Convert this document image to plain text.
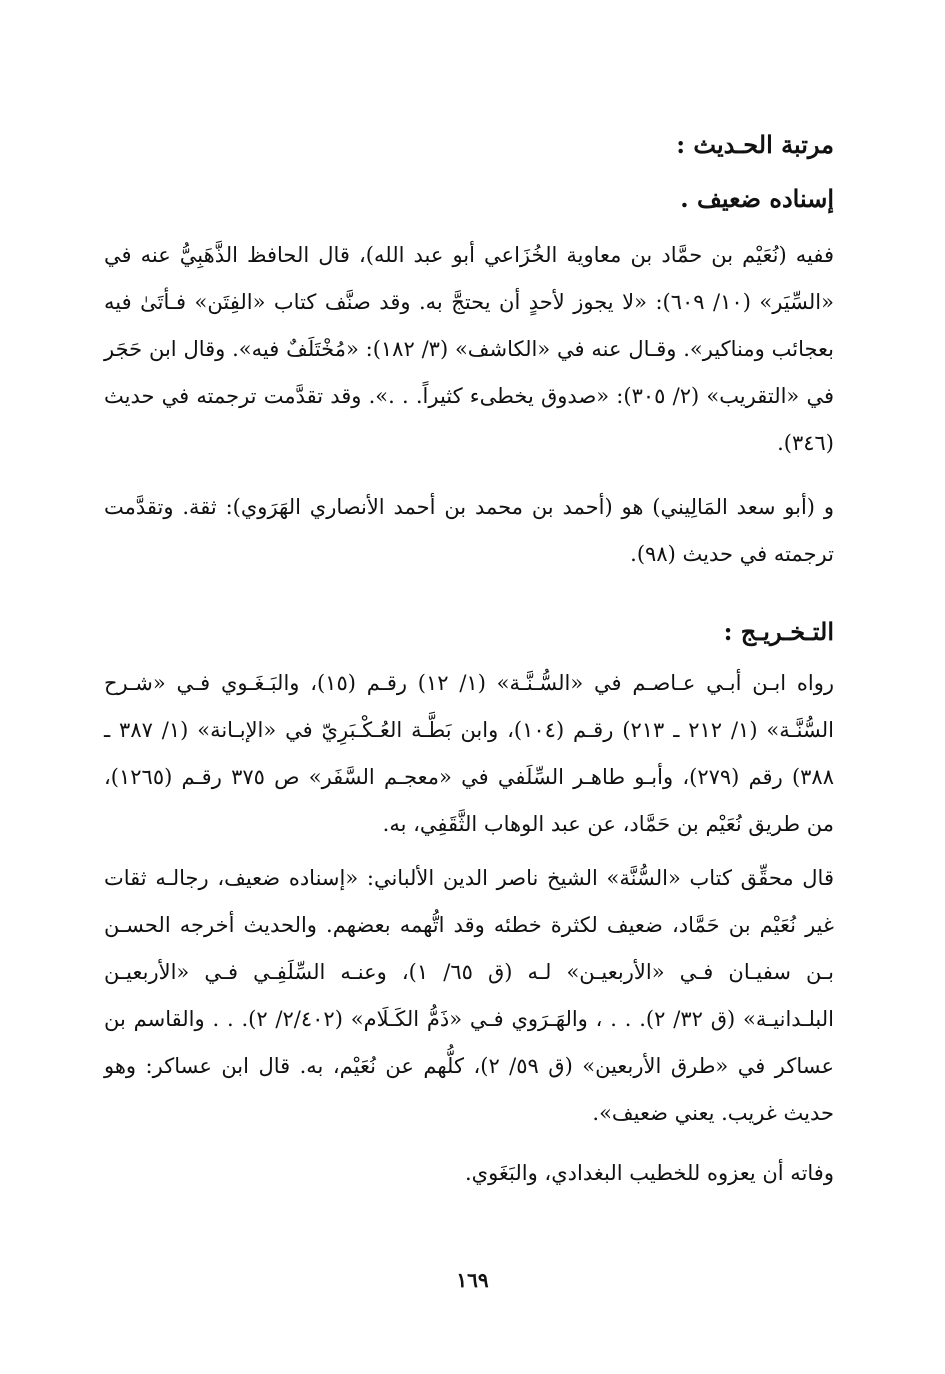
مرتبة الحـديث :

إسناده ضعيف .

ففيه (نُعَيْم بن حمَّاد بن معاوية الخُزَاعي أبو عبد الله)، قال الحافظ الذَّهَبِيُّ عنه في «السِّيَر» (١٠/ ٦٠٩): «لا يجوز لأحدٍ أن يحتجَّ به. وقد صنَّف كتاب «الفِتَن» فـأتَىٰ فيه بعجائب ومناكير». وقـال عنه في «الكاشف» (٣/ ١٨٢): «مُخْتَلَفٌ فيه». وقال ابن حَجَر في «التقريب» (٢/ ٣٠٥): «صدوق يخطىء كثيراً. . .». وقد تقدَّمت ترجمته في حديث (٣٤٦).

و (أبو سعد المَالِيني) هو (أحمد بن محمد بن أحمد الأنصاري الهَرَوي): ثقة. وتقدَّمت ترجمته في حديث (٩٨).

التـخـريـج :

رواه ابـن أبـي عـاصـم في «السُّـنَّـة» (١/ ١٢) رقـم (١٥)، والبَـغَـوي فـي «شـرح السُّنَّـة» (١/ ٢١٢ ـ ٢١٣) رقـم (١٠٤)، وابن بَطَّـة العُـكْـبَرِيّ في «الإبـانة» (١/ ٣٨٧ ـ ٣٨٨) رقم (٢٧٩)، وأبـو طاهـر السِّلَفي في «معجـم السَّفَر» ص ٣٧٥ رقـم (١٢٦٥)، من طريق نُعَيْم بن حَمَّاد، عن عبد الوهاب الثَّقَفِي، به.

قال محقِّق كتاب «السُّنَّة» الشيخ ناصر الدين الألباني: «إسناده ضعيف، رجالـه ثقات غير نُعَيْم بن حَمَّاد، ضعيف لكثرة خطئه وقد اتُّهمه بعضهم. والحديث أخرجه الحسـن بـن سفيـان فـي «الأربعيـن» لـه (ق ٦٥/ ١)، وعنـه السِّلَفِـي فـي «الأربعيـن البلـدانيـة» (ق ٣٢/ ٢). . . ، والهَـرَوي فـي «ذَمُّ الكَـلَام» (٢/٤٠٢/ ٢). . . والقاسم بن عساكر في «طرق الأربعين» (ق ٥٩/ ٢)، كلُّهم عن نُعَيْم، به. قال ابن عساكر: وهو حديث غريب. يعني ضعيف».

وفاته أن يعزوه للخطيب البغدادي، والبَغَوي.

١٦٩
